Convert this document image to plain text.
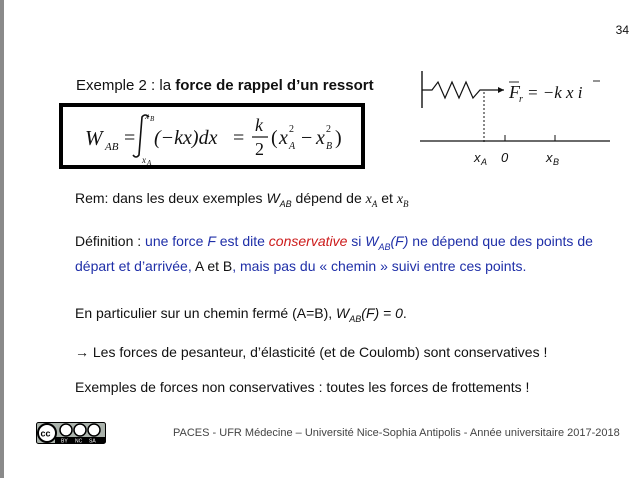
34
Exemple 2 : la force de rappel d’un ressort
W AB =
x B
x A
(−kx)dx =
k
2 ( x A
2 − x B
2 )
F r = −k x i
x A 0	x B
Rem: dans les deux exemples $W_{AB}$ dépend de $x_A$ et $x_B$
Définition : une force F est dite conservative si $W_{AB}(F)$ ne dépend que des points de départ et d’arrivée, A et B, mais pas du « chemin » suivi entre ces points.
En particulier sur un chemin fermé (A=B), $W_{AB}(F) = 0$.
→ Les forces de pesanteur, d’élasticité (et de Coulomb) sont conservatives !
Exemples de forces non conservatives : toutes les forces de frottements !
cc
BY NC SA
PACES - UFR Médecine – Université Nice-Sophia Antipolis - Année universitaire 2017-2018
